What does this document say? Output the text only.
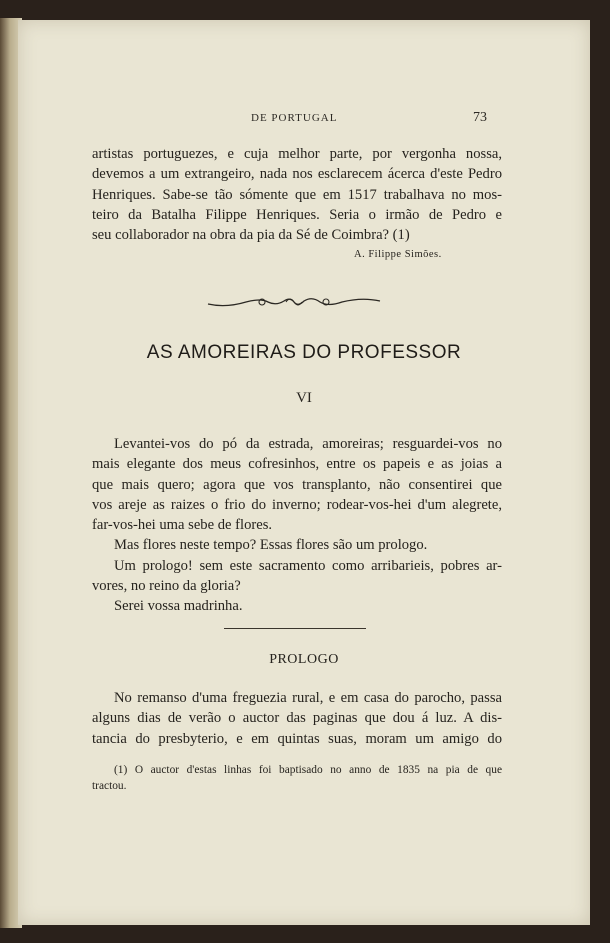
DE PORTUGAL	73
artistas portuguezes, e cuja melhor parte, por vergonha nossa,
devemos a um extrangeiro, nada nos esclarecem ácerca d'este Pedro
Henriques. Sabe-se tão sómente que em 1517 trabalhava no mos-
teiro da Batalha Filippe Henriques. Seria o irmão de Pedro e
seu collaborador na obra da pia da Sé de Coimbra? (1)
A. Filippe Simões.
AS AMOREIRAS DO PROFESSOR
VI
Levantei-vos do pó da estrada, amoreiras; resguardei-vos no
mais elegante dos meus cofresinhos, entre os papeis e as joias a
que mais quero; agora que vos transplanto, não consentirei que
vos areje as raizes o frio do inverno; rodear-vos-hei d'um alegrete,
far-vos-hei uma sebe de flores.
Mas flores neste tempo? Essas flores são um prologo.
Um prologo! sem este sacramento como arribarieis, pobres ar-
vores, no reino da gloria?
Serei vossa madrinha.
PROLOGO
No remanso d'uma freguezia rural, e em casa do parocho, passa
alguns dias de verão o auctor das paginas que dou á luz. A dis-
tancia do presbyterio, e em quintas suas, moram um amigo do
(1) O auctor d'estas linhas foi baptisado no anno de 1835 na pia de que
tractou.
